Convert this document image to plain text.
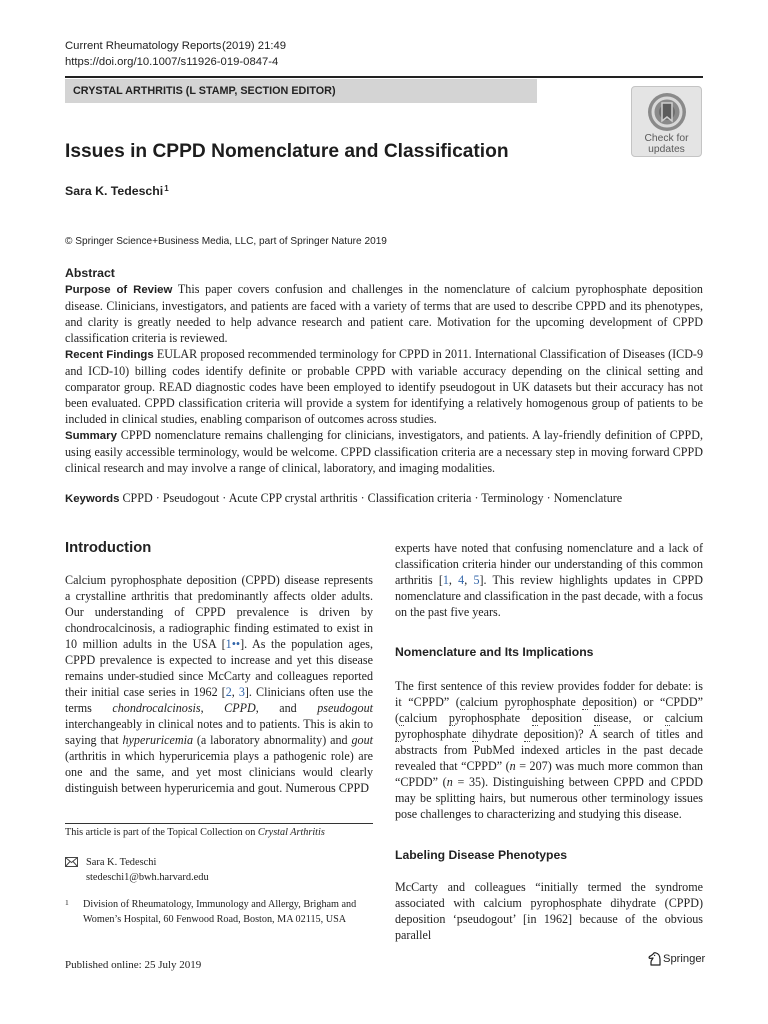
Current Rheumatology Reports (2019) 21:49
https://doi.org/10.1007/s11926-019-0847-4
CRYSTAL ARTHRITIS (L STAMP, SECTION EDITOR)
Check for
updates
Issues in CPPD Nomenclature and Classification
Sara K. Tedeschi$^1$
© Springer Science+Business Media, LLC, part of Springer Nature 2019
Abstract

Purpose of Review This paper covers confusion and challenges in the nomenclature of calcium pyrophosphate deposition disease. Clinicians, investigators, and patients are faced with a variety of terms that are used to describe CPPD and its phenotypes, and clarity is greatly needed to help advance research and patient care. Motivation for the upcoming development of CPPD classification criteria is reviewed.

Recent Findings EULAR proposed recommended terminology for CPPD in 2011. International Classification of Diseases (ICD-9 and ICD-10) billing codes identify definite or probable CPPD with variable accuracy depending on the clinical setting and comparator group. READ diagnostic codes have been employed to identify pseudogout in UK datasets but their accuracy has not been evaluated. CPPD classification criteria will provide a system for identifying a relatively homogenous group of patients to be included in clinical studies, enabling comparison of outcomes across studies.

Summary CPPD nomenclature remains challenging for clinicians, investigators, and patients. A lay-friendly definition of CPPD, using easily accessible terminology, would be welcome. CPPD classification criteria are a necessary step in moving forward CPPD clinical research and may involve a range of clinical, laboratory, and imaging modalities.

Keywords CPPD · Pseudogout · Acute CPP crystal arthritis · Classification criteria · Terminology · Nomenclature
Introduction

Calcium pyrophosphate deposition (CPPD) disease represents a crystalline arthritis that predominantly affects older adults. Our understanding of CPPD prevalence is driven by chondrocalcinosis, a radiographic finding estimated to exist in 10 million adults in the USA [1••]. As the population ages, CPPD prevalence is expected to increase and yet this disease remains under-studied since McCarty and colleagues reported their initial case series in 1962 [2, 3]. Clinicians often use the terms chondrocalcinosis, CPPD, and pseudogout interchangeably in clinical notes and to patients. This is akin to saying that hyperuricemia (a laboratory abnormality) and gout (arthritis in which hyperuricemia plays a pathogenic role) are one and the same, and yet most clinicians would clearly distinguish between hyperuricemia and gout. Numerous CPPD

This article is part of the Topical Collection on Crystal Arthritis
Sara K. Tedeschi
stedeschi1@bwh.harvard.edu
1 Division of Rheumatology, Immunology and Allergy, Brigham and Women’s Hospital, 60 Fenwood Road, Boston, MA 02115, USA

experts have noted that confusing nomenclature and a lack of classification criteria hinder our understanding of this common arthritis [1, 4, 5]. This review highlights updates in CPPD nomenclature and classification in the past decade, with a focus on the past five years.

Nomenclature and Its Implications

The first sentence of this review provides fodder for debate: is it “CPPD” (calcium pyrophosphate deposition) or “CPDD” (calcium pyrophosphate deposition disease, or calcium pyrophosphate dihydrate deposition)? A search of titles and abstracts from PubMed indexed articles in the past decade revealed that “CPPD” (n = 207) was much more common than “CPDD” (n = 35). Distinguishing between CPPD and CPDD may be splitting hairs, but numerous other terminology issues pose challenges to characterizing and studying this disease.

Labeling Disease Phenotypes

McCarty and colleagues “initially termed the syndrome associated with calcium pyrophosphate dihydrate (CPPD) deposition ‘pseudogout’ [in 1962] because of the obvious parallel

Published online: 25 July 2019	Springer
